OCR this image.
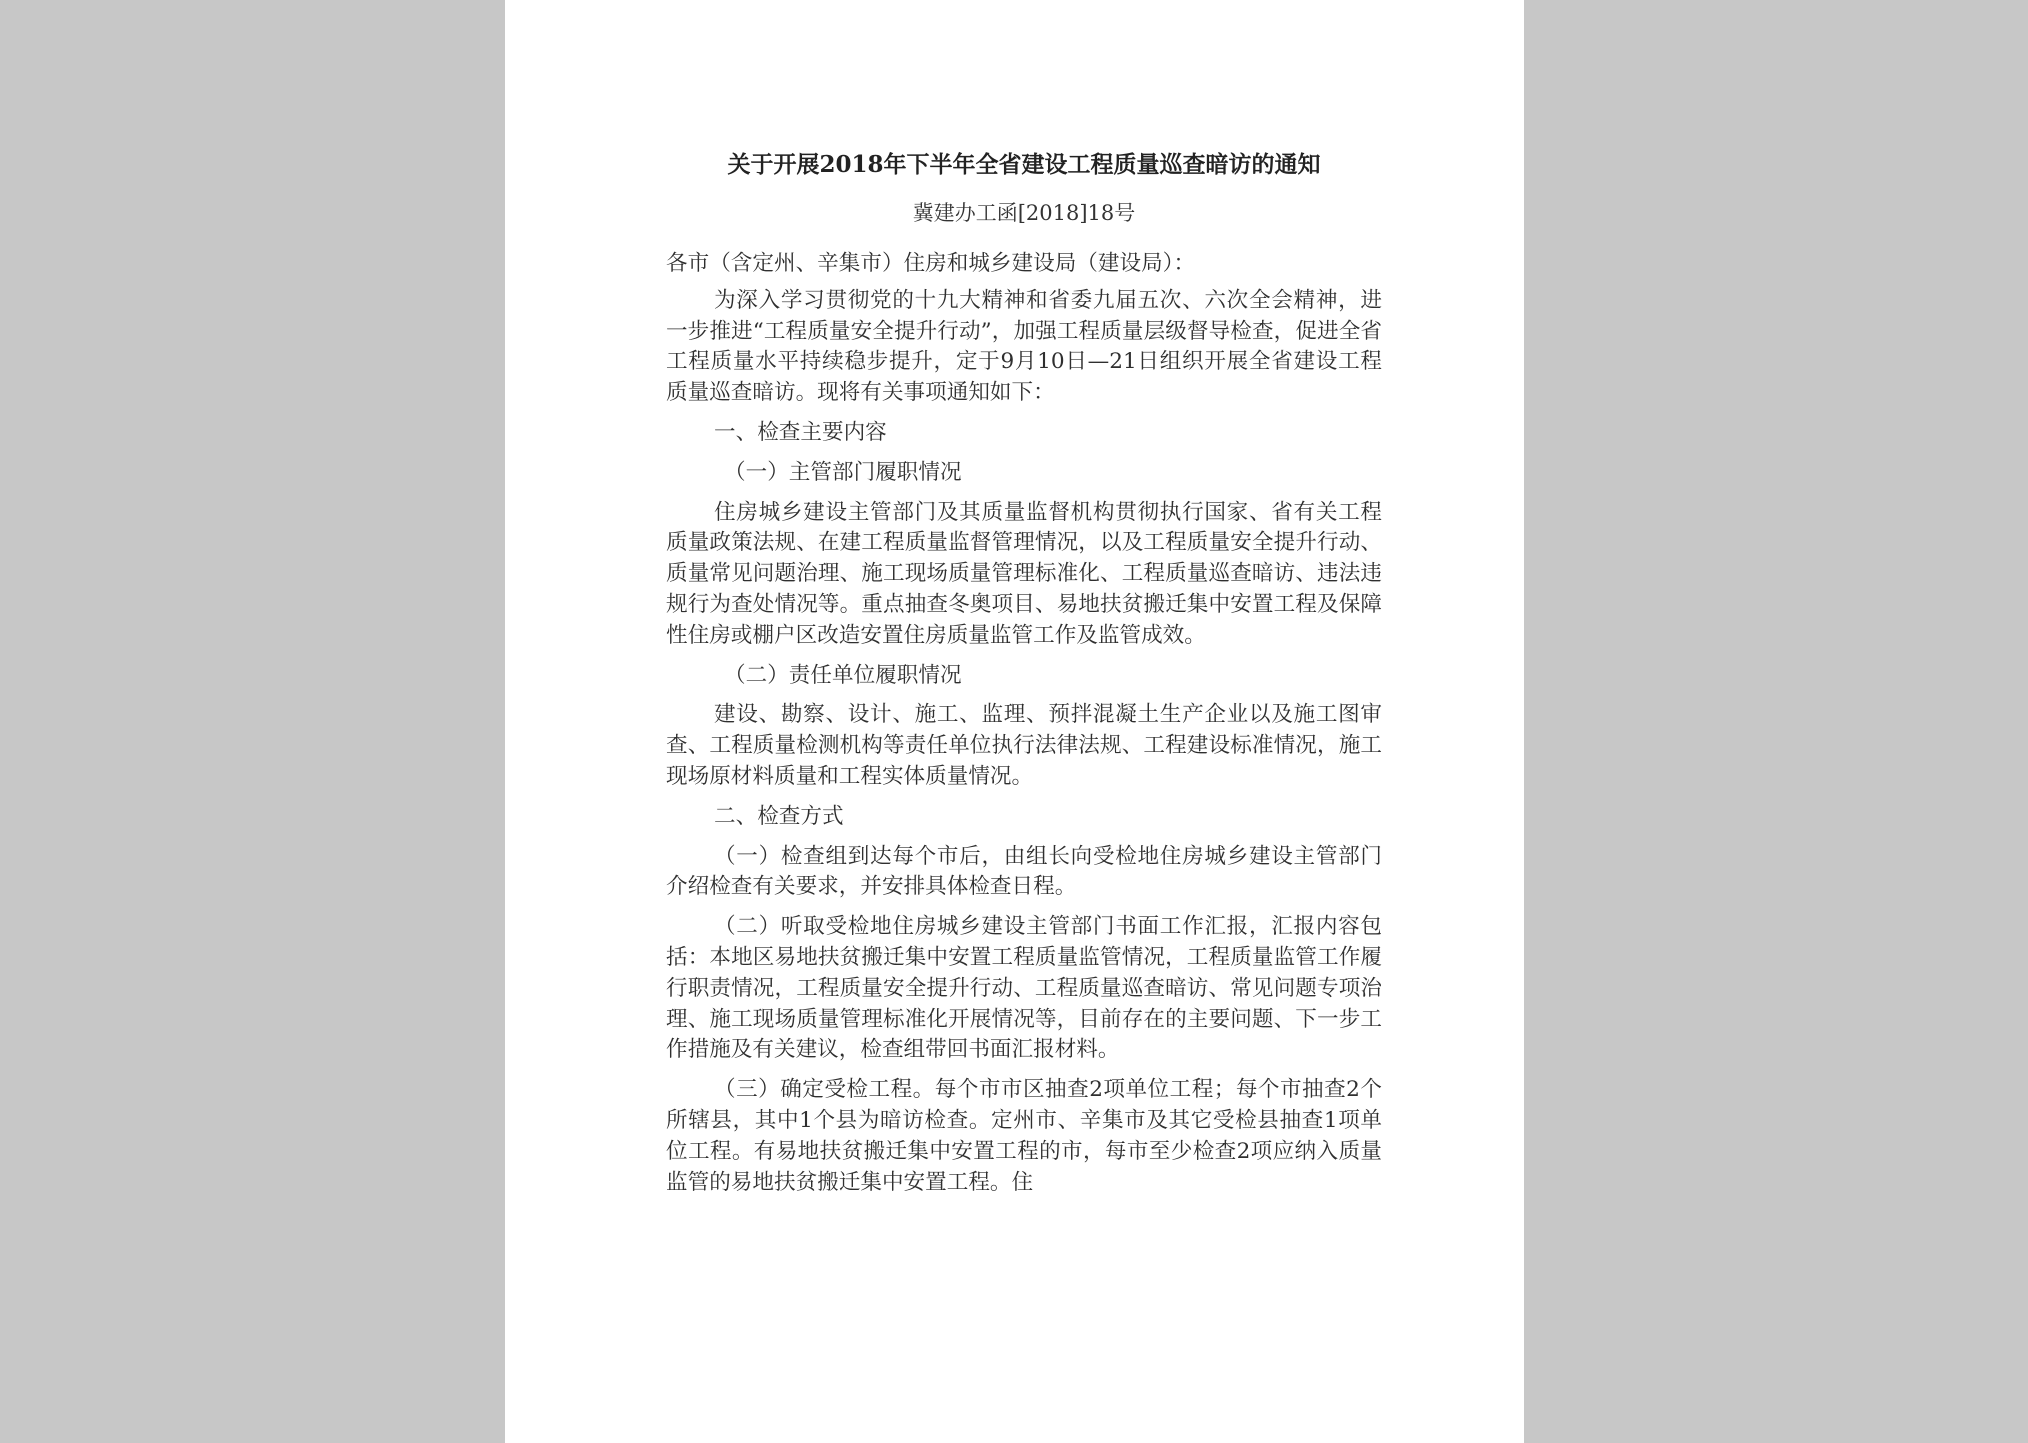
关于开展2018年下半年全省建设工程质量巡查暗访的通知
冀建办工函[2018]18号

各市（含定州、辛集市）住房和城乡建设局（建设局）：

为深入学习贯彻党的十九大精神和省委九届五次、六次全会精神，进一步推进“工程质量安全提升行动”，加强工程质量层级督导检查，促进全省工程质量水平持续稳步提升，定于9月10日—21日组织开展全省建设工程质量巡查暗访。现将有关事项通知如下：

一、检查主要内容

（一）主管部门履职情况

住房城乡建设主管部门及其质量监督机构贯彻执行国家、省有关工程质量政策法规、在建工程质量监督管理情况，以及工程质量安全提升行动、质量常见问题治理、施工现场质量管理标准化、工程质量巡查暗访、违法违规行为查处情况等。重点抽查冬奥项目、易地扶贫搬迁集中安置工程及保障性住房或棚户区改造安置住房质量监管工作及监管成效。

（二）责任单位履职情况

建设、勘察、设计、施工、监理、预拌混凝土生产企业以及施工图审查、工程质量检测机构等责任单位执行法律法规、工程建设标准情况，施工现场原材料质量和工程实体质量情况。

二、检查方式

（一）检查组到达每个市后，由组长向受检地住房城乡建设主管部门介绍检查有关要求，并安排具体检查日程。

（二）听取受检地住房城乡建设主管部门书面工作汇报，汇报内容包括：本地区易地扶贫搬迁集中安置工程质量监管情况，工程质量监管工作履行职责情况，工程质量安全提升行动、工程质量巡查暗访、常见问题专项治理、施工现场质量管理标准化开展情况等，目前存在的主要问题、下一步工作措施及有关建议，检查组带回书面汇报材料。

（三）确定受检工程。每个市市区抽查2项单位工程；每个市抽查2个所辖县，其中1个县为暗访检查。定州市、辛集市及其它受检县抽查1项单位工程。有易地扶贫搬迁集中安置工程的市，每市至少检查2项应纳入质量监管的易地扶贫搬迁集中安置工程。住
